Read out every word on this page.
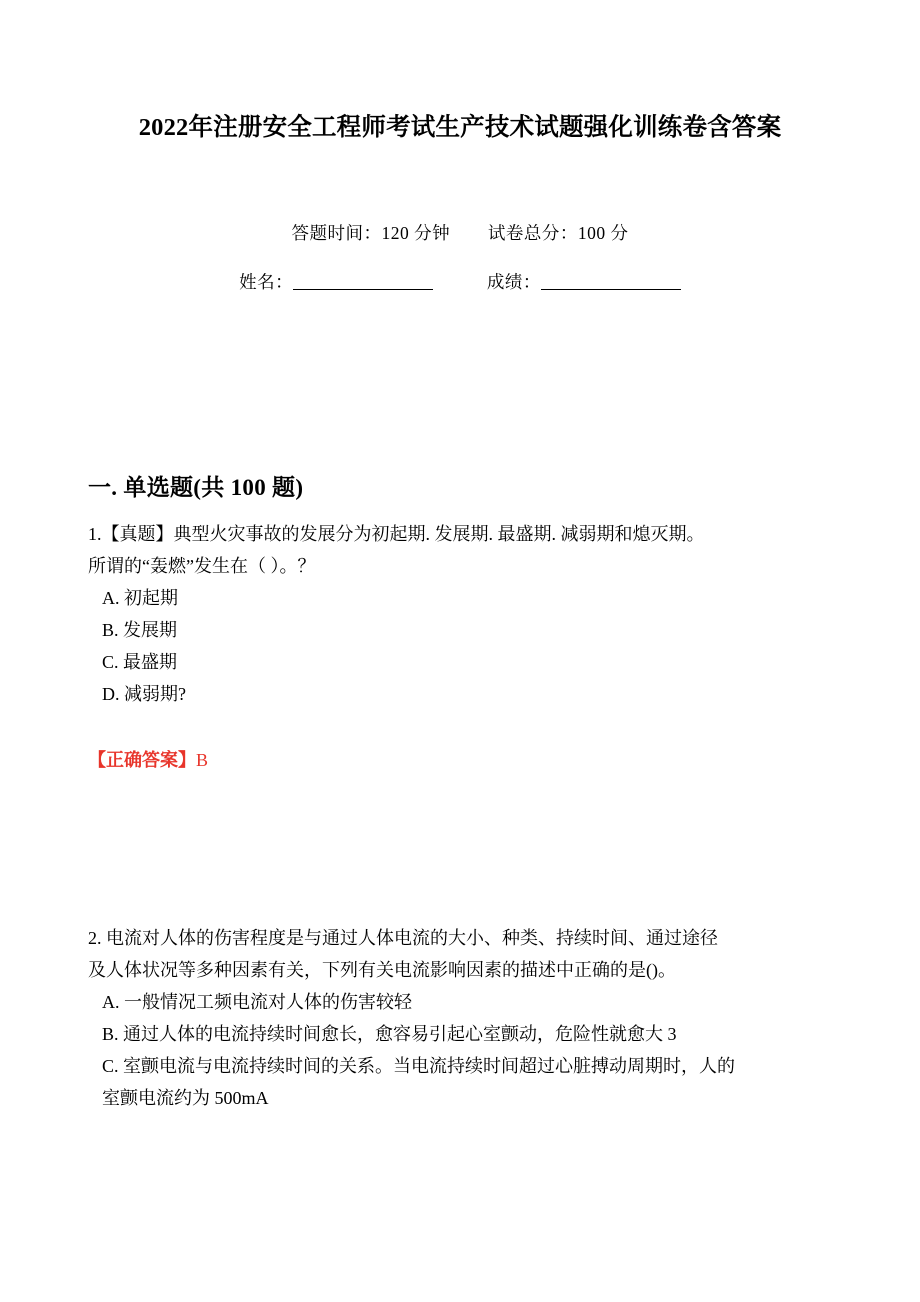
2022年注册安全工程师考试生产技术试题强化训练卷含答案
答题时间：120 分钟 试卷总分：100 分
姓名：	成绩：
一. 单选题(共 100 题)
1.【真题】典型火灾事故的发展分为初起期. 发展期. 最盛期. 减弱期和熄灭期。
所谓的“轰燃”发生在（ ）。？
A. 初起期
B. 发展期
C. 最盛期
D. 减弱期?
【正确答案】B
2. 电流对人体的伤害程度是与通过人体电流的大小、种类、持续时间、通过途径
及人体状况等多种因素有关，下列有关电流影响因素的描述中正确的是()。
A. 一般情况工频电流对人体的伤害较轻
B. 通过人体的电流持续时间愈长，愈容易引起心室颤动，危险性就愈大 3
C. 室颤电流与电流持续时间的关系。当电流持续时间超过心脏搏动周期时，人的
室颤电流约为 500mA
